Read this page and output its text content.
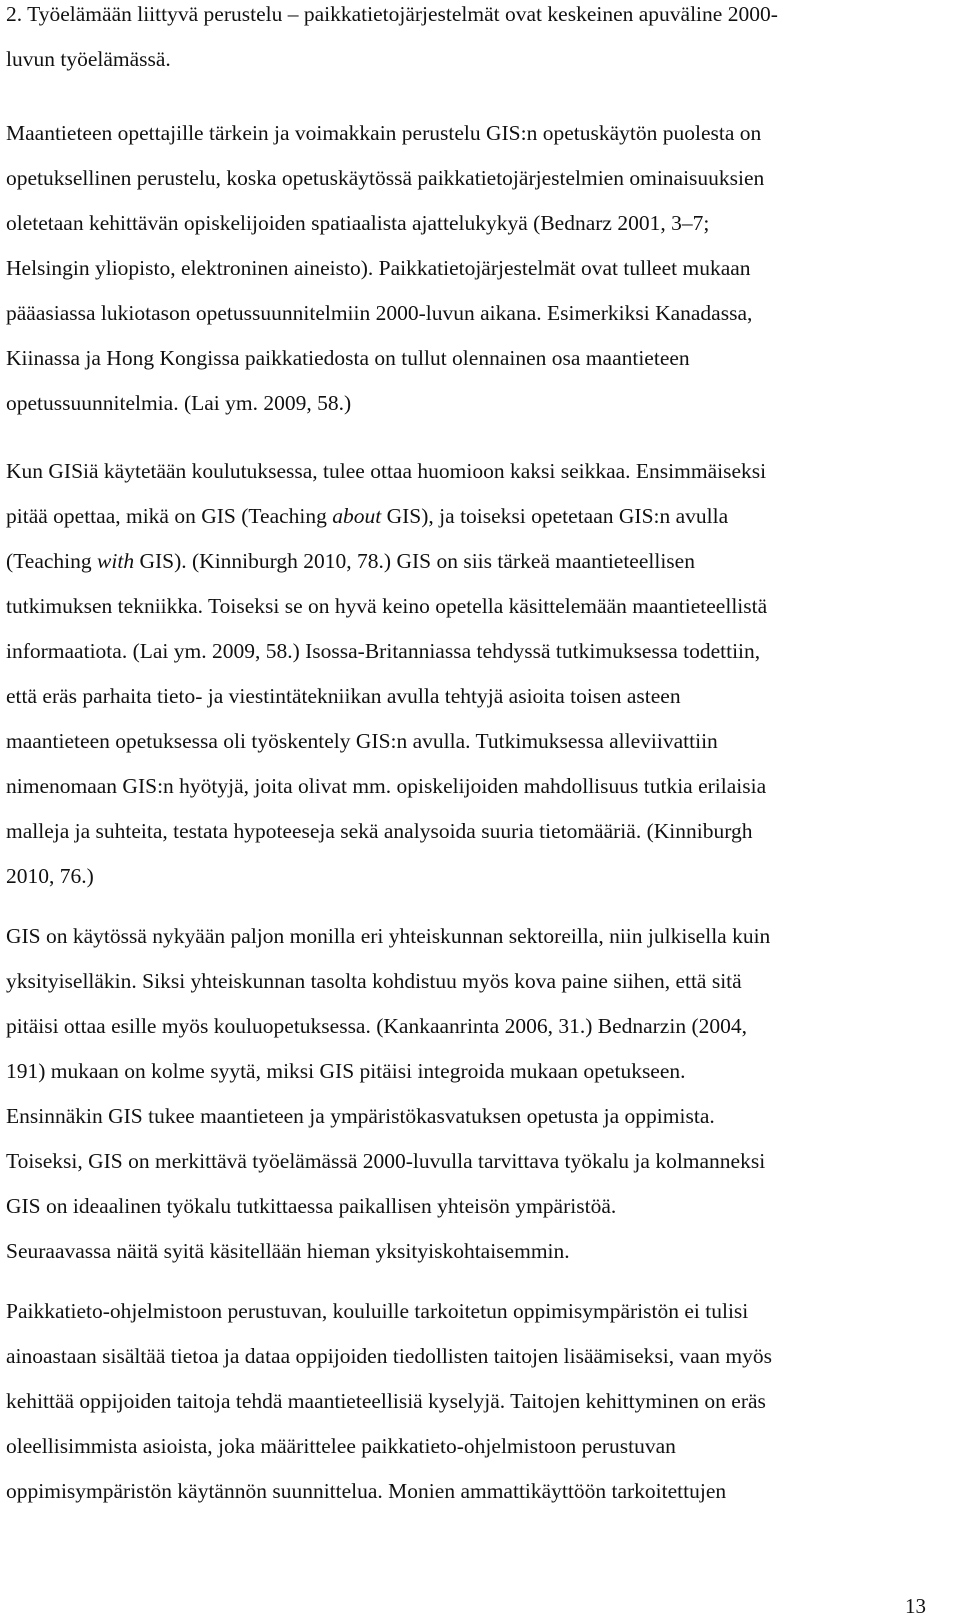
2. Työelämään liittyvä perustelu – paikkatietojärjestelmät ovat keskeinen apuväline 2000-
luvun työelämässä.
Maantieteen opettajille tärkein ja voimakkain perustelu GIS:n opetuskäytön puolesta on
opetuksellinen perustelu, koska opetuskäytössä paikkatietojärjestelmien ominaisuuksien
oletetaan kehittävän opiskelijoiden spatiaalista ajattelukykyä (Bednarz 2001, 3–7;
Helsingin yliopisto, elektroninen aineisto). Paikkatietojärjestelmät ovat tulleet mukaan
pääasiassa lukiotason opetussuunnitelmiin 2000-luvun aikana. Esimerkiksi Kanadassa,
Kiinassa ja Hong Kongissa paikkatiedosta on tullut olennainen osa maantieteen
opetussuunnitelmia. (Lai ym. 2009, 58.)
Kun GISiä käytetään koulutuksessa, tulee ottaa huomioon kaksi seikkaa. Ensimmäiseksi
pitää opettaa, mikä on GIS (Teaching about GIS), ja toiseksi opetetaan GIS:n avulla
(Teaching with GIS). (Kinniburgh 2010, 78.) GIS on siis tärkeä maantieteellisen
tutkimuksen tekniikka. Toiseksi se on hyvä keino opetella käsittelemään maantieteellistä
informaatiota. (Lai ym. 2009, 58.) Isossa-Britanniassa tehdyssä tutkimuksessa todettiin,
että eräs parhaita tieto- ja viestintätekniikan avulla tehtyjä asioita toisen asteen
maantieteen opetuksessa oli työskentely GIS:n avulla. Tutkimuksessa alleviivattiin
nimenomaan GIS:n hyötyjä, joita olivat mm. opiskelijoiden mahdollisuus tutkia erilaisia
malleja ja suhteita, testata hypoteeseja sekä analysoida suuria tietomääriä. (Kinniburgh
2010, 76.)
GIS on käytössä nykyään paljon monilla eri yhteiskunnan sektoreilla, niin julkisella kuin
yksityiselläkin. Siksi yhteiskunnan tasolta kohdistuu myös kova paine siihen, että sitä
pitäisi ottaa esille myös kouluopetuksessa. (Kankaanrinta 2006, 31.) Bednarzin (2004,
191) mukaan on kolme syytä, miksi GIS pitäisi integroida mukaan opetukseen.
Ensinnäkin GIS tukee maantieteen ja ympäristökasvatuksen opetusta ja oppimista.
Toiseksi, GIS on merkittävä työelämässä 2000-luvulla tarvittava työkalu ja kolmanneksi
GIS on ideaalinen työkalu tutkittaessa paikallisen yhteisön ympäristöä.
Seuraavassa näitä syitä käsitellään hieman yksityiskohtaisemmin.
Paikkatieto-ohjelmistoon perustuvan, kouluille tarkoitetun oppimisympäristön ei tulisi
ainoastaan sisältää tietoa ja dataa oppijoiden tiedollisten taitojen lisäämiseksi, vaan myös
kehittää oppijoiden taitoja tehdä maantieteellisiä kyselyjä. Taitojen kehittyminen on eräs
oleellisimmista asioista, joka määrittelee paikkatieto-ohjelmistoon perustuvan
oppimisympäristön käytännön suunnittelua. Monien ammattikäyttöön tarkoitettujen
13
